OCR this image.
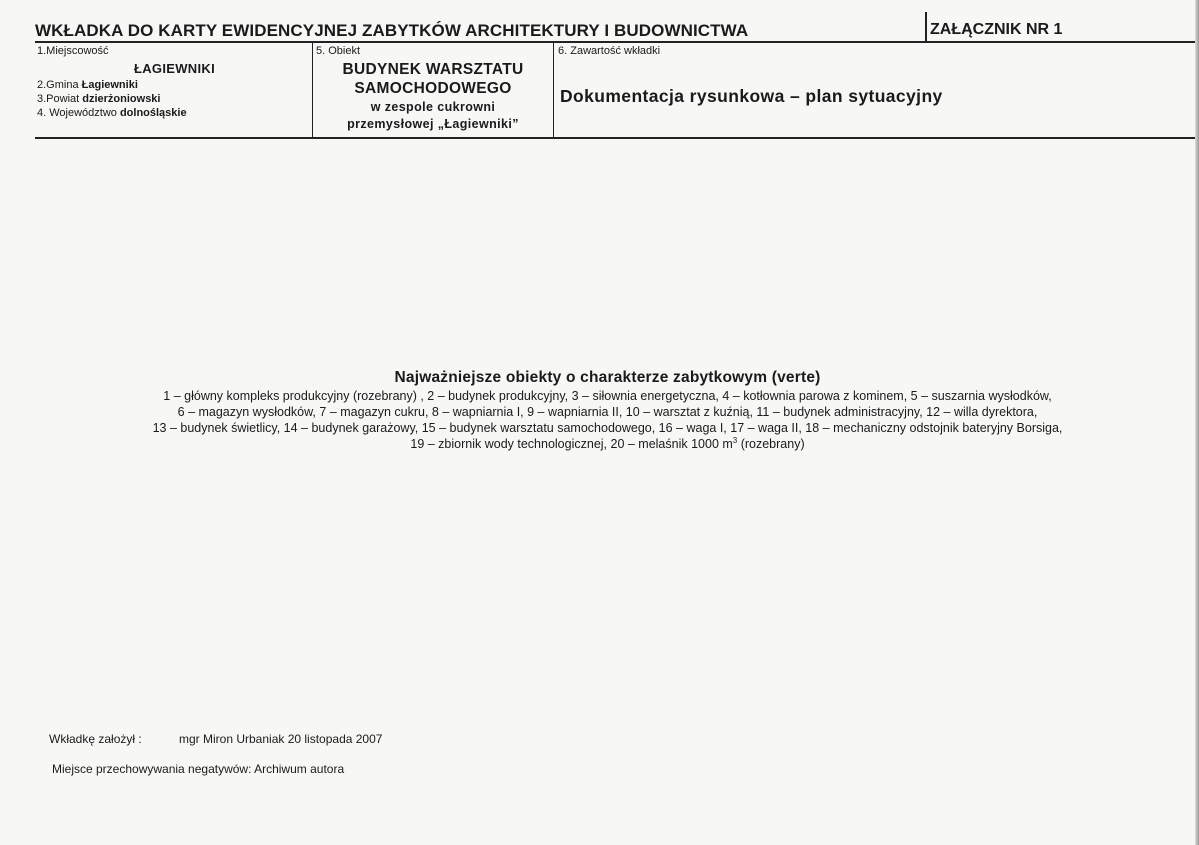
WKŁADKA DO KARTY EWIDENCYJNEJ ZABYTKÓW ARCHITEKTURY I BUDOWNICTWA	ZAŁĄCZNIK NR 1
1.Miejscowość
ŁAGIEWNIKI
2.Gmina Łagiewniki
3.Powiat dzierżoniowski
4. Województwo dolnośląskie
5. Obiekt
BUDYNEK WARSZTATU
SAMOCHODOWEGO
w zespole cukrowni
przemysłowej „Łagiewniki”
6. Zawartość wkładki
Dokumentacja rysunkowa – plan sytuacyjny
Najważniejsze obiekty o charakterze zabytkowym (verte)
1 – główny kompleks produkcyjny (rozebrany) , 2 – budynek produkcyjny, 3 – siłownia energetyczna, 4 – kotłownia parowa z kominem, 5 – suszarnia wysłodków,
6 – magazyn wysłodków, 7 – magazyn cukru, 8 – wapniarnia I, 9 – wapniarnia II, 10 – warsztat z kuźnią, 11 – budynek administracyjny, 12 – willa dyrektora,
13 – budynek świetlicy, 14 – budynek garażowy, 15 – budynek warsztatu samochodowego, 16 – waga I, 17 – waga II, 18 – mechaniczny odstojnik bateryjny Borsiga,
19 – zbiornik wody technologicznej, 20 – melaśnik 1000 $m^3$ (rozebrany)
Wkładkę założył :	mgr Miron Urbaniak 20 listopada 2007
Miejsce przechowywania negatywów: Archiwum autora
